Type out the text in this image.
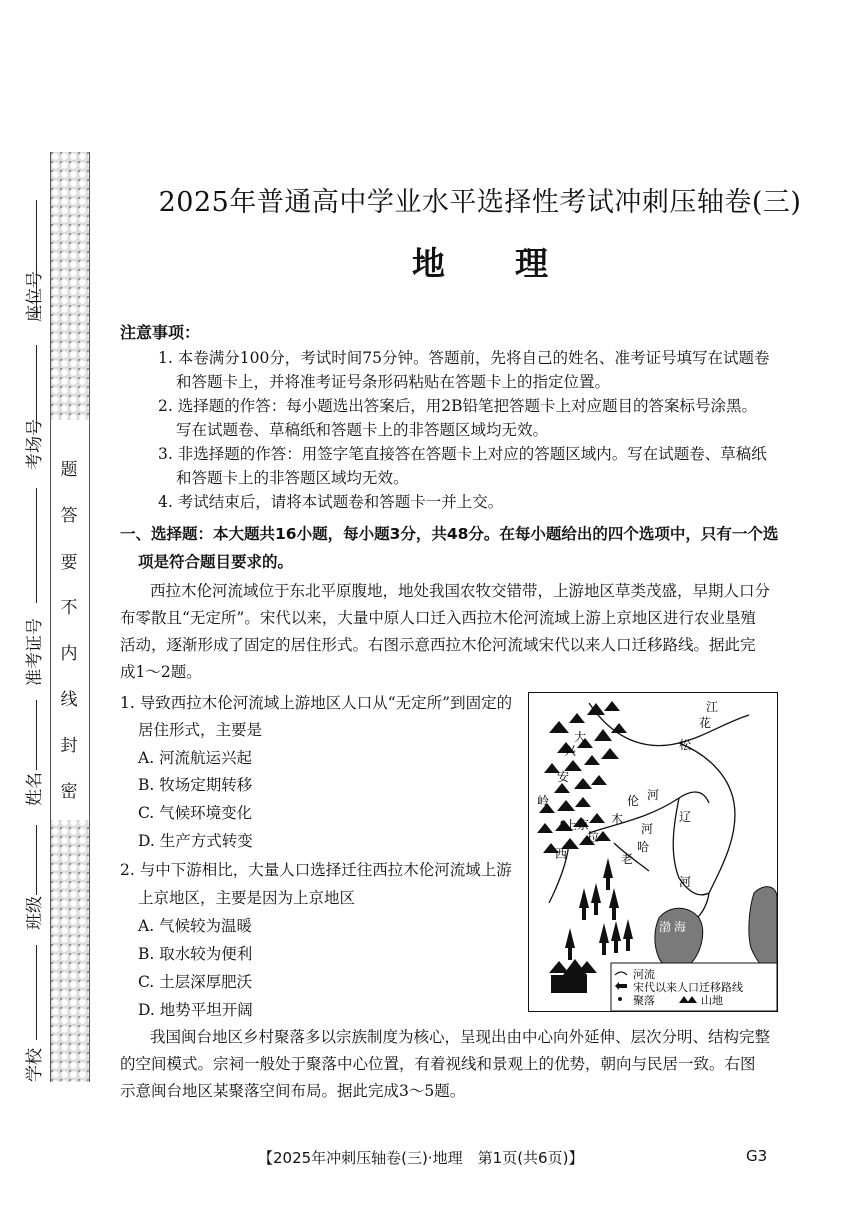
题
答
要
不
内
线
封
密
座位号
考场号
准考证号
姓名
班级
学校
2025年普通高中学业水平选择性考试冲刺压轴卷(三)
地理
注意事项：
1. 本卷满分100分，考试时间75分钟。答题前，先将自己的姓名、准考证号填写在试题卷
和答题卡上，并将准考证号条形码粘贴在答题卡上的指定位置。
2. 选择题的作答：每小题选出答案后，用2B铅笔把答题卡上对应题目的答案标号涂黑。
写在试题卷、草稿纸和答题卡上的非答题区域均无效。
3. 非选择题的作答：用签字笔直接答在答题卡上对应的答题区域内。写在试题卷、草稿纸
和答题卡上的非答题区域均无效。
4. 考试结束后，请将本试题卷和答题卡一并上交。
一、选择题：本大题共16小题，每小题3分，共48分。在每小题给出的四个选项中，只有一个选
项是符合题目要求的。
西拉木伦河流域位于东北平原腹地，地处我国农牧交错带，上游地区草类茂盛，早期人口分
布零散且“无定所”。宋代以来，大量中原人口迁入西拉木伦河流域上游上京地区进行农业垦殖
活动，逐渐形成了固定的居住形式。右图示意西拉木伦河流域宋代以来人口迁移路线。据此完
成1～2题。
1. 导致西拉木伦河流域上游地区人口从“无定所”到固定的
居住形式，主要是
A. 河流航运兴起
B. 牧场定期转移
C. 气候环境变化
D. 生产方式转变
2. 与中下游相比，大量人口选择迁往西拉木伦河流域上游
上京地区，主要是因为上京地区
A. 气候较为温暖
B. 取水较为便利
C. 土层深厚肥沃
D. 地势平坦开阔
大
兴
安
岭
江
花
松
上京
西
拉
木
伦 河
河
哈
老
辽
河
渤 海
河流
宋代以来人口迁移路线
聚落	山地
我国闽台地区乡村聚落多以宗族制度为核心，呈现出由中心向外延伸、层次分明、结构完整
的空间模式。宗祠一般处于聚落中心位置，有着视线和景观上的优势，朝向与民居一致。右图
示意闽台地区某聚落空间布局。据此完成3～5题。
【2025年冲刺压轴卷(三)·地理　第1页(共6页)】	G3
